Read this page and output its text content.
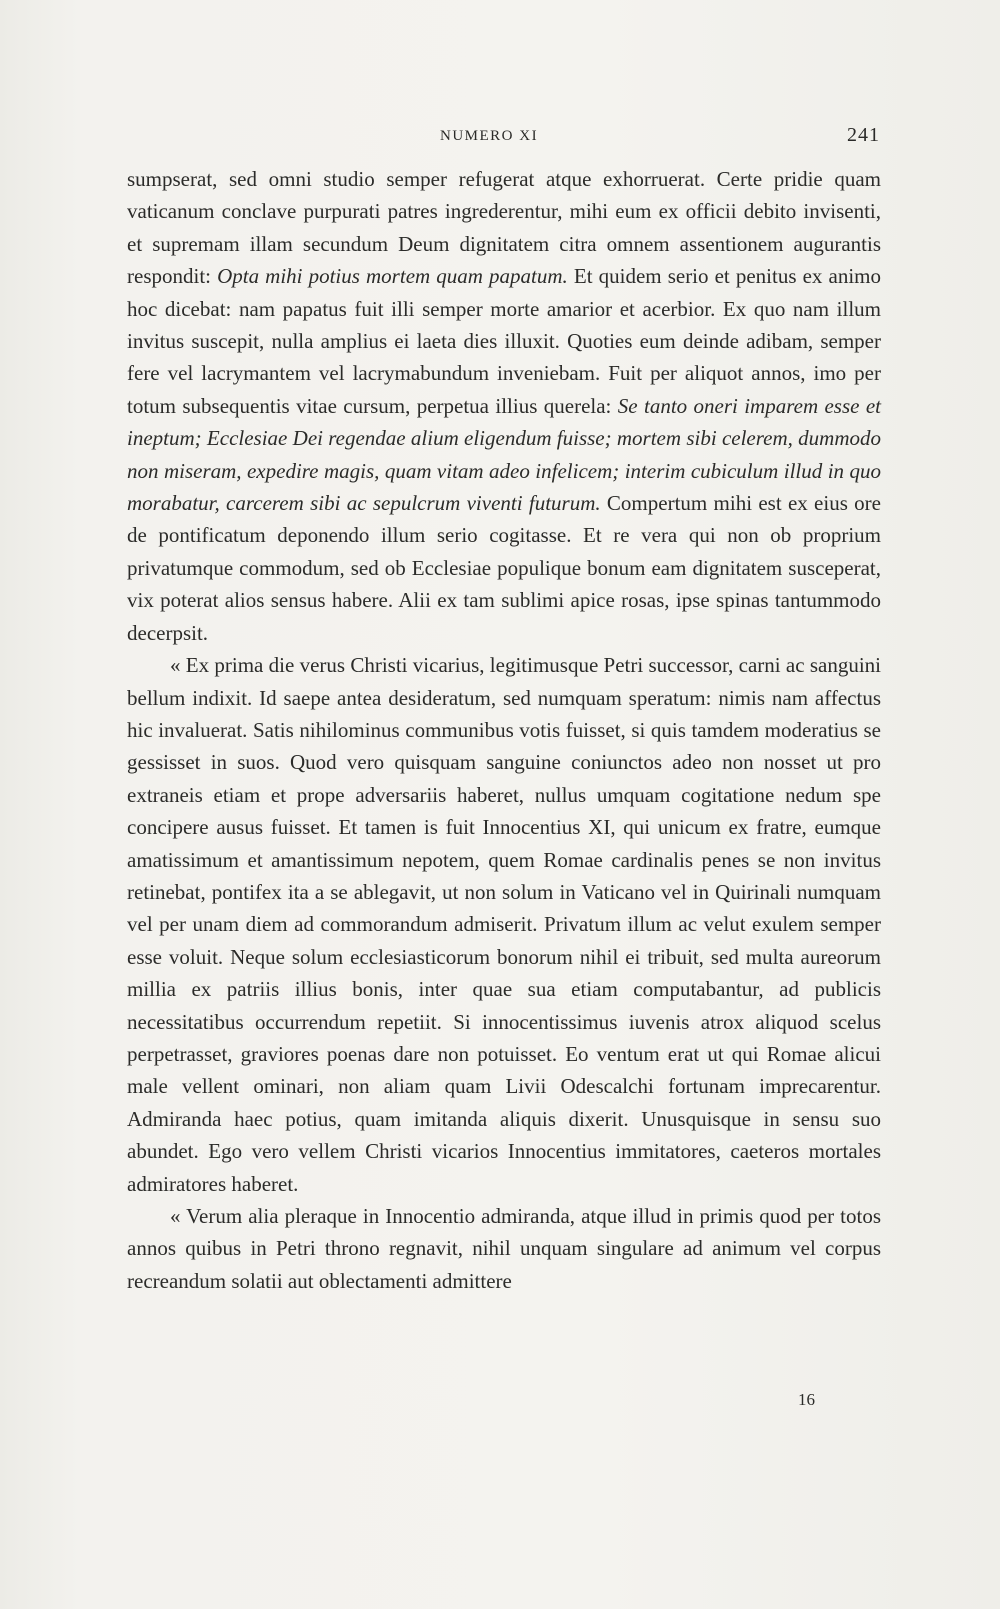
NUMERO XI	241

sumpserat, sed omni studio semper refugerat atque exhorruerat. Certe pridie quam vaticanum conclave purpurati patres ingrederentur, mihi eum ex officii debito invisenti, et supremam illam secundum Deum dignitatem citra omnem assentionem augurantis respondit: Opta mihi potius mortem quam papatum. Et quidem serio et penitus ex animo hoc dicebat: nam papatus fuit illi semper morte amarior et acerbior. Ex quo nam illum invitus suscepit, nulla amplius ei laeta dies illuxit. Quoties eum deinde adibam, semper fere vel lacrymantem vel lacrymabundum inveniebam. Fuit per aliquot annos, imo per totum subsequentis vitae cursum, perpetua illius querela: Se tanto oneri imparem esse et ineptum; Ecclesiae Dei regendae alium eligendum fuisse; mortem sibi celerem, dummodo non miseram, expedire magis, quam vitam adeo infelicem; interim cubiculum illud in quo morabatur, carcerem sibi ac sepulcrum viventi futurum. Compertum mihi est ex eius ore de pontificatum deponendo illum serio cogitasse. Et re vera qui non ob proprium privatumque commodum, sed ob Ecclesiae populique bonum eam dignitatem susceperat, vix poterat alios sensus habere. Alii ex tam sublimi apice rosas, ipse spinas tantummodo decerpsit.

« Ex prima die verus Christi vicarius, legitimusque Petri successor, carni ac sanguini bellum indixit. Id saepe antea desideratum, sed numquam speratum: nimis nam affectus hic invaluerat. Satis nihilominus communibus votis fuisset, si quis tamdem moderatius se gessisset in suos. Quod vero quisquam sanguine coniunctos adeo non nosset ut pro extraneis etiam et prope adversariis haberet, nullus umquam cogitatione nedum spe concipere ausus fuisset. Et tamen is fuit Innocentius XI, qui unicum ex fratre, eumque amatissimum et amantissimum nepotem, quem Romae cardinalis penes se non invitus retinebat, pontifex ita a se ablegavit, ut non solum in Vaticano vel in Quirinali numquam vel per unam diem ad commorandum admiserit. Privatum illum ac velut exulem semper esse voluit. Neque solum ecclesiasticorum bonorum nihil ei tribuit, sed multa aureorum millia ex patriis illius bonis, inter quae sua etiam computabantur, ad publicis necessitatibus occurrendum repetiit. Si innocentissimus iuvenis atrox aliquod scelus perpetrasset, graviores poenas dare non potuisset. Eo ventum erat ut qui Romae alicui male vellent ominari, non aliam quam Livii Odescalchi fortunam imprecarentur. Admiranda haec potius, quam imitanda aliquis dixerit. Unusquisque in sensu suo abundet. Ego vero vellem Christi vicarios Innocentius immitatores, caeteros mortales admiratores haberet.

« Verum alia pleraque in Innocentio admiranda, atque illud in primis quod per totos annos quibus in Petri throno regnavit, nihil unquam singulare ad animum vel corpus recreandum solatii aut oblectamenti admittere

16
